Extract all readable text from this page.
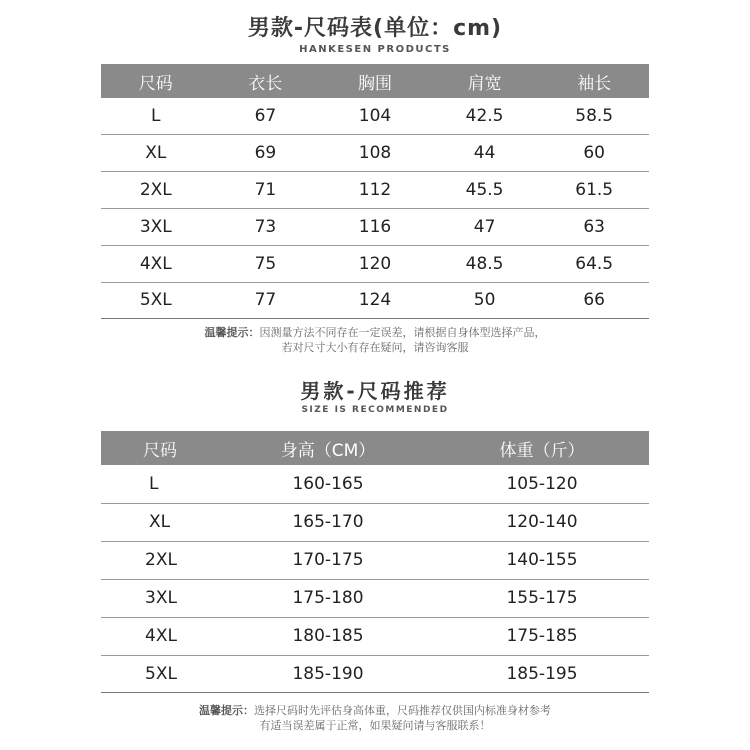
男款-尺码表(单位：cm)
HANKESEN PRODUCTS
尺码	衣长	胸围	肩宽	袖长
L	67	104	42.5	58.5
XL	69	108	44	60
2XL	71	112	45.5	61.5
3XL	73	116	47	63
4XL	75	120	48.5	64.5
5XL	77	124	50	66
温馨提示：因测量方法不同存在一定误差，请根据自身体型选择产品，
若对尺寸大小有存在疑问，请咨询客服
男款-尺码推荐
SIZE IS RECOMMENDED
尺码	身高（CM）	体重（斤）
L	160-165	105-120
XL	165-170	120-140
2XL	170-175	140-155
3XL	175-180	155-175
4XL	180-185	175-185
5XL	185-190	185-195
温馨提示：选择尺码时先评估身高体重，尺码推荐仅供国内标准身材参考
有适当误差属于正常，如果疑问请与客服联系！
